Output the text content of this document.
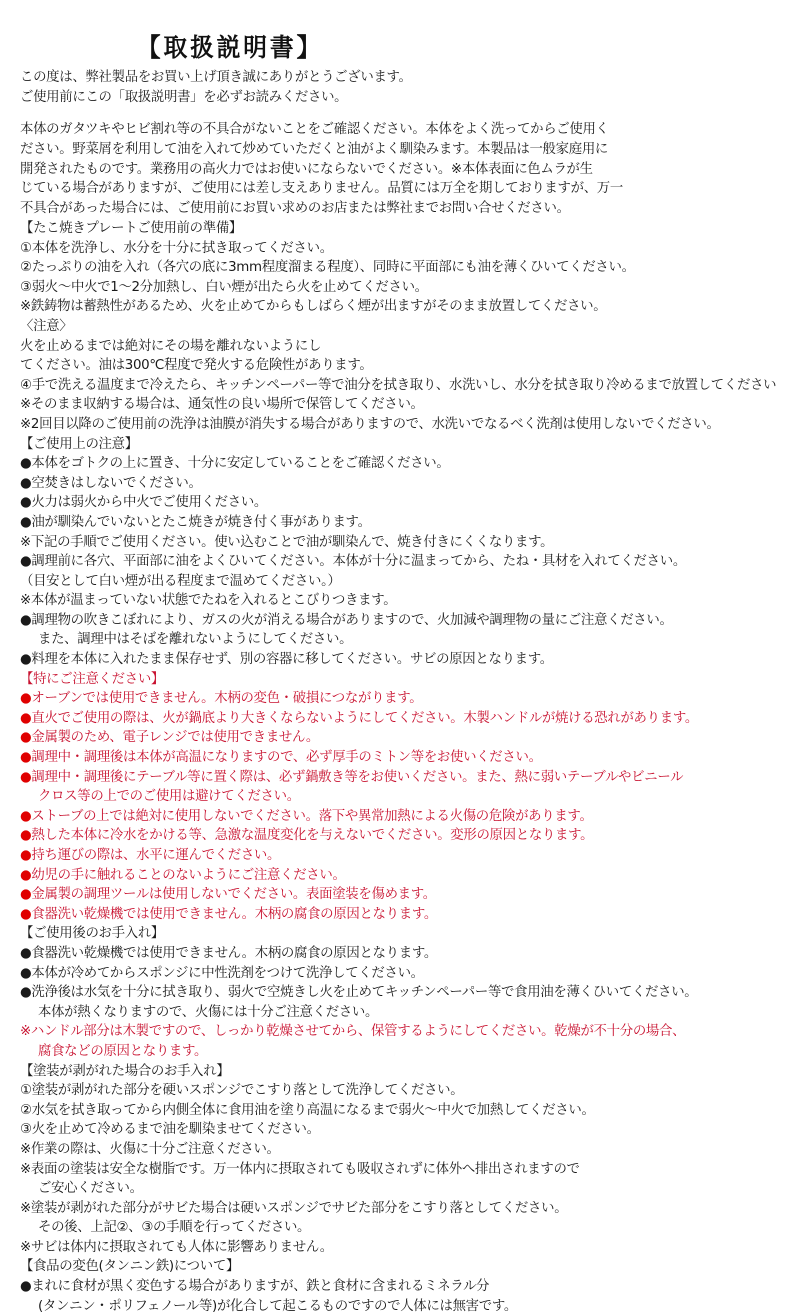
【取扱説明書】
この度は、弊社製品をお買い上げ頂き誠にありがとうございます。
ご使用前にこの「取扱説明書」を必ずお読みください。
本体のガタツキやヒビ割れ等の不具合がないことをご確認ください。本体をよく洗ってからご使用く
ださい。野菜屑を利用して油を入れて炒めていただくと油がよく馴染みます。本製品は一般家庭用に
開発されたものです。業務用の高火力ではお使いにならないでください。※本体表面に色ムラが生
じている場合がありますが、ご使用には差し支えありません。品質には万全を期しておりますが、万一
不具合があった場合には、ご使用前にお買い求めのお店または弊社までお問い合せください。
【たこ焼きプレートご使用前の準備】
①本体を洗浄し、水分を十分に拭き取ってください。
②たっぷりの油を入れ（各穴の底に3mm程度溜まる程度）、同時に平面部にも油を薄くひいてください。
③弱火～中火で1～2分加熱し、白い煙が出たら火を止めてください。
※鉄鋳物は蓄熱性があるため、火を止めてからもしばらく煙が出ますがそのまま放置してください。
〈注意〉
火を止めるまでは絶対にその場を離れないようにし
てください。油は300℃程度で発火する危険性があります。
④手で洗える温度まで冷えたら、キッチンペーパー等で油分を拭き取り、水洗いし、水分を拭き取り冷めるまで放置してください
※そのまま収納する場合は、通気性の良い場所で保管してください。
※2回目以降のご使用前の洗浄は油膜が消失する場合がありますので、水洗いでなるべく洗剤は使用しないでください。
【ご使用上の注意】
●本体をゴトクの上に置き、十分に安定していることをご確認ください。
●空焚きはしないでください。
●火力は弱火から中火でご使用ください。
●油が馴染んでいないとたこ焼きが焼き付く事があります。
※下記の手順でご使用ください。使い込むことで油が馴染んで、焼き付きにくくなります。
●調理前に各穴、平面部に油をよくひいてください。本体が十分に温まってから、たね・具材を入れてください。
（目安として白い煙が出る程度まで温めてください。）
※本体が温まっていない状態でたねを入れるとこびりつきます。
●調理物の吹きこぼれにより、ガスの火が消える場合がありますので、火加減や調理物の量にご注意ください。
また、調理中はそばを離れないようにしてください。
●料理を本体に入れたまま保存せず、別の容器に移してください。サビの原因となります。
【特にご注意ください】
●オーブンでは使用できません。木柄の変色・破損につながります。
●直火でご使用の際は、火が鍋底より大きくならないようにしてください。木製ハンドルが焼ける恐れがあります。
●金属製のため、電子レンジでは使用できません。
●調理中・調理後は本体が高温になりますので、必ず厚手のミトン等をお使いください。
●調理中・調理後にテーブル等に置く際は、必ず鍋敷き等をお使いください。また、熱に弱いテーブルやビニール
クロス等の上でのご使用は避けてください。
●ストーブの上では絶対に使用しないでください。落下や異常加熱による火傷の危険があります。
●熱した本体に冷水をかける等、急激な温度変化を与えないでください。変形の原因となります。
●持ち運びの際は、水平に運んでください。
●幼児の手に触れることのないようにご注意ください。
●金属製の調理ツールは使用しないでください。表面塗装を傷めます。
●食器洗い乾燥機では使用できません。木柄の腐食の原因となります。
【ご使用後のお手入れ】
●食器洗い乾燥機では使用できません。木柄の腐食の原因となります。
●本体が冷めてからスポンジに中性洗剤をつけて洗浄してください。
●洗浄後は水気を十分に拭き取り、弱火で空焼きし火を止めてキッチンペーパー等で食用油を薄くひいてください。
本体が熱くなりますので、火傷には十分ご注意ください。
※ハンドル部分は木製ですので、しっかり乾燥させてから、保管するようにしてください。乾燥が不十分の場合、
腐食などの原因となります。
【塗装が剥がれた場合のお手入れ】
①塗装が剥がれた部分を硬いスポンジでこすり落として洗浄してください。
②水気を拭き取ってから内側全体に食用油を塗り高温になるまで弱火～中火で加熱してください。
③火を止めて冷めるまで油を馴染ませてください。
※作業の際は、火傷に十分ご注意ください。
※表面の塗装は安全な樹脂です。万一体内に摂取されても吸収されずに体外へ排出されますので
ご安心ください。
※塗装が剥がれた部分がサビた場合は硬いスポンジでサビた部分をこすり落としてください。
その後、上記②、③の手順を行ってください。
※サビは体内に摂取されても人体に影響ありません。
【食品の変色(タンニン鉄)について】
●まれに食材が黒く変色する場合がありますが、鉄と食材に含まれるミネラル分
(タンニン・ポリフェノール等)が化合して起こるものですので人体には無害です。
